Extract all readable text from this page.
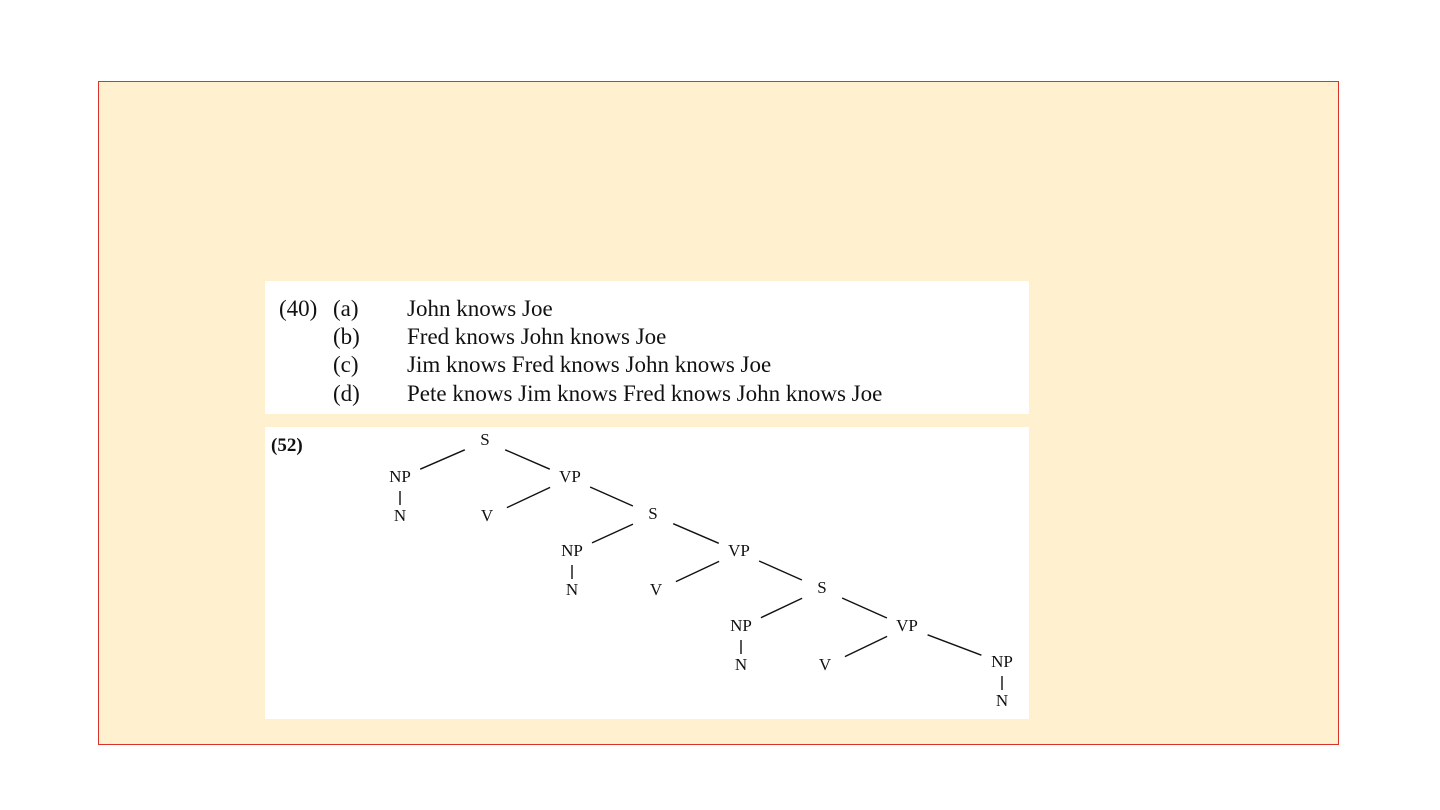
(40) (a)	John knows Joe
(b)	Fred knows John knows Joe
(c)	Jim knows Fred knows John knows Joe
(d)	Pete knows Jim knows Fred knows John knows Joe
(52)	S
NP
N
VP
V	S
NP
N
VP
V	S
NP
N
VP
V	NP
N
